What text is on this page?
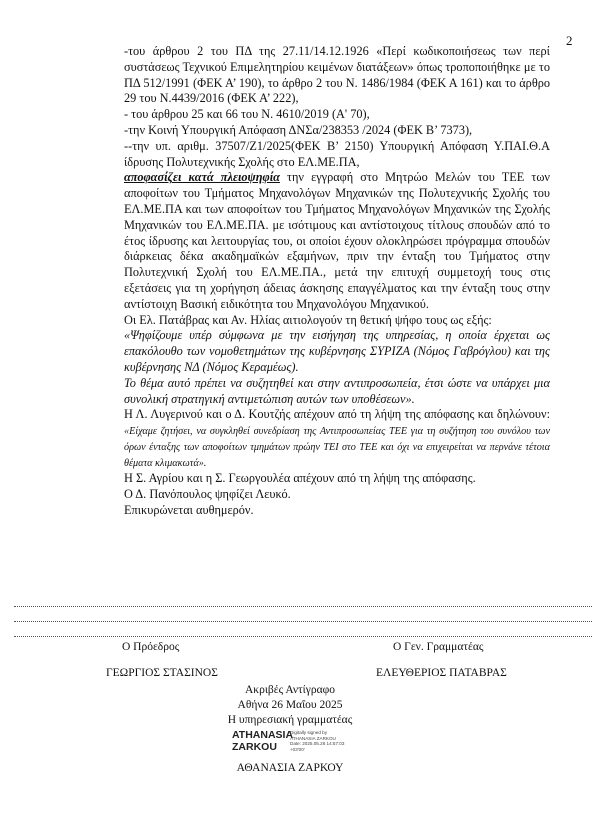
2

-του άρθρου 2 του ΠΔ της 27.11/14.12.1926 «Περί κωδικοποιήσεως των περί συστάσεως Τεχνικού Επιμελητηρίου κειμένων διατάξεων» όπως τροποποιήθηκε με το ΠΔ 512/1991 (ΦΕΚ Α’ 190), το άρθρο 2 του Ν. 1486/1984 (ΦΕΚ Α 161) και το άρθρο 29 του Ν.4439/2016 (ΦΕΚ Α’ 222),

- του άρθρου 25 και 66 του Ν. 4610/2019 (Α' 70),

-την Κοινή Υπουργική Απόφαση ΔΝΣα/238353 /2024 (ΦΕΚ Β’ 7373),

--την υπ. αριθμ. 37507/Ζ1/2025(ΦΕΚ Β’ 2150) Υπουργική Απόφαση Υ.ΠΑΙ.Θ.Α ίδρυσης Πολυτεχνικής Σχολής στο ΕΛ.ΜΕ.ΠΑ,

αποφασίζει κατά πλειοψηφία την εγγραφή στο Μητρώο Μελών του ΤΕΕ των αποφοίτων του Τμήματος Μηχανολόγων Μηχανικών της Πολυτεχνικής Σχολής του ΕΛ.ΜΕ.ΠΑ και των αποφοίτων του Τμήματος Μηχανολόγων Μηχανικών της Σχολής Μηχανικών του ΕΛ.ΜΕ.ΠΑ. με ισότιμους και αντίστοιχους τίτλους σπουδών από το έτος ίδρυσης και λειτουργίας του, οι οποίοι έχουν ολοκληρώσει πρόγραμμα σπουδών διάρκειας δέκα ακαδημαϊκών εξαμήνων, πριν την ένταξη του Τμήματος στην Πολυτεχνική Σχολή του ΕΛ.ΜΕ.ΠΑ., μετά την επιτυχή συμμετοχή τους στις εξετάσεις για τη χορήγηση άδειας άσκησης επαγγέλματος και την ένταξη τους στην αντίστοιχη Βασική ειδικότητα του Μηχανολόγου Μηχανικού.

Οι Ελ. Πατάβρας και Αν. Ηλίας αιτιολογούν τη θετική ψήφο τους ως εξής:

«Ψηφίζουμε υπέρ σύμφωνα με την εισήγηση της υπηρεσίας, η οποία έρχεται ως επακόλουθο των νομοθετημάτων της κυβέρνησης ΣΥΡΙΖΑ (Νόμος Γαβρόγλου) και της κυβέρνησης ΝΔ (Νόμος Κεραμέως).

Το θέμα αυτό πρέπει να συζητηθεί και στην αντιπροσωπεία, έτσι ώστε να υπάρχει μια συνολική στρατηγική αντιμετώπιση αυτών των υποθέσεων».

Η Λ. Λυγερινού και ο Δ. Κουτζής απέχουν από τη λήψη της απόφασης και δηλώνουν: «Είχαμε ζητήσει, να συγκληθεί συνεδρίαση της Αντιπροσωπείας ΤΕΕ για τη συζήτηση του συνόλου των όρων ένταξης των αποφοίτων τμημάτων πρώην ΤΕΙ στο ΤΕΕ και όχι να επιχειρείται να περνάνε τέτοια θέματα κλιμακωτά».

Η Σ. Αγρίου και η Σ. Γεωργουλέα απέχουν από τη λήψη της απόφασης.

Ο Δ. Πανόπουλος ψηφίζει Λευκό.

Επικυρώνεται αυθημερόν.

Ο Πρόεδρος	Ο Γεν. Γραμματέας
ΓΕΩΡΓΙΟΣ ΣΤΑΣΙΝΟΣ	ΕΛΕΥΘΕΡΙΟΣ ΠΑΤΑΒΡΑΣ
Ακριβές Αντίγραφο
Αθήνα 26 Μαΐου 2025
Η υπηρεσιακή γραμματέας
ATHANASIA
ZARKOU
Digitally signed by
ATHANASIA ZARKOU
Date: 2025.05.26 14:57:03
+03'00'
ΑΘΑΝΑΣΙΑ ΖΑΡΚΟΥ
